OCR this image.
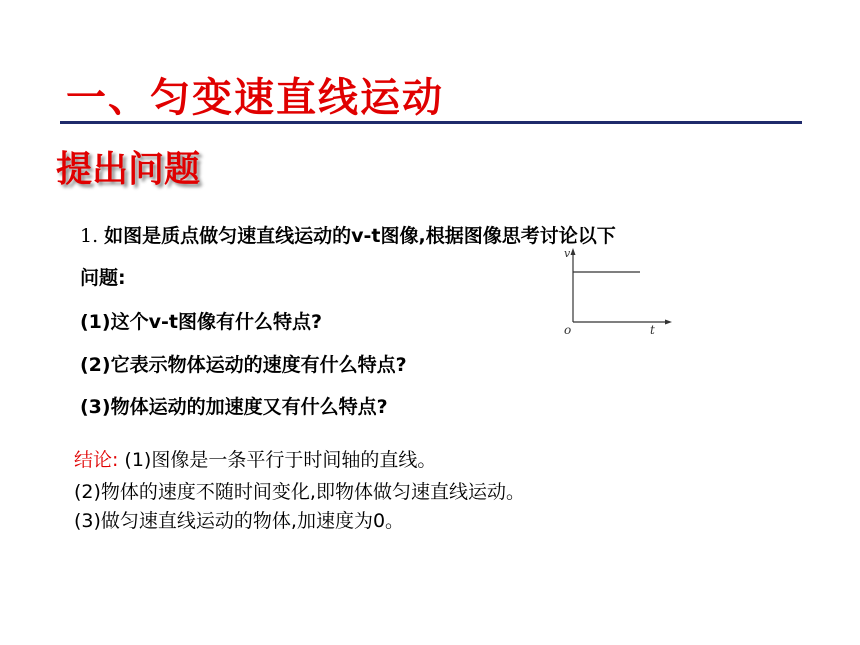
一、匀变速直线运动
提出问题
1. 如图是质点做匀速直线运动的v-t图像,根据图像思考讨论以下
问题:
(1)这个v-t图像有什么特点?
(2)它表示物体运动的速度有什么特点?
(3)物体运动的加速度又有什么特点?
v
t
o
结论: (1)图像是一条平行于时间轴的直线。
(2)物体的速度不随时间变化,即物体做匀速直线运动。
(3)做匀速直线运动的物体,加速度为0。
